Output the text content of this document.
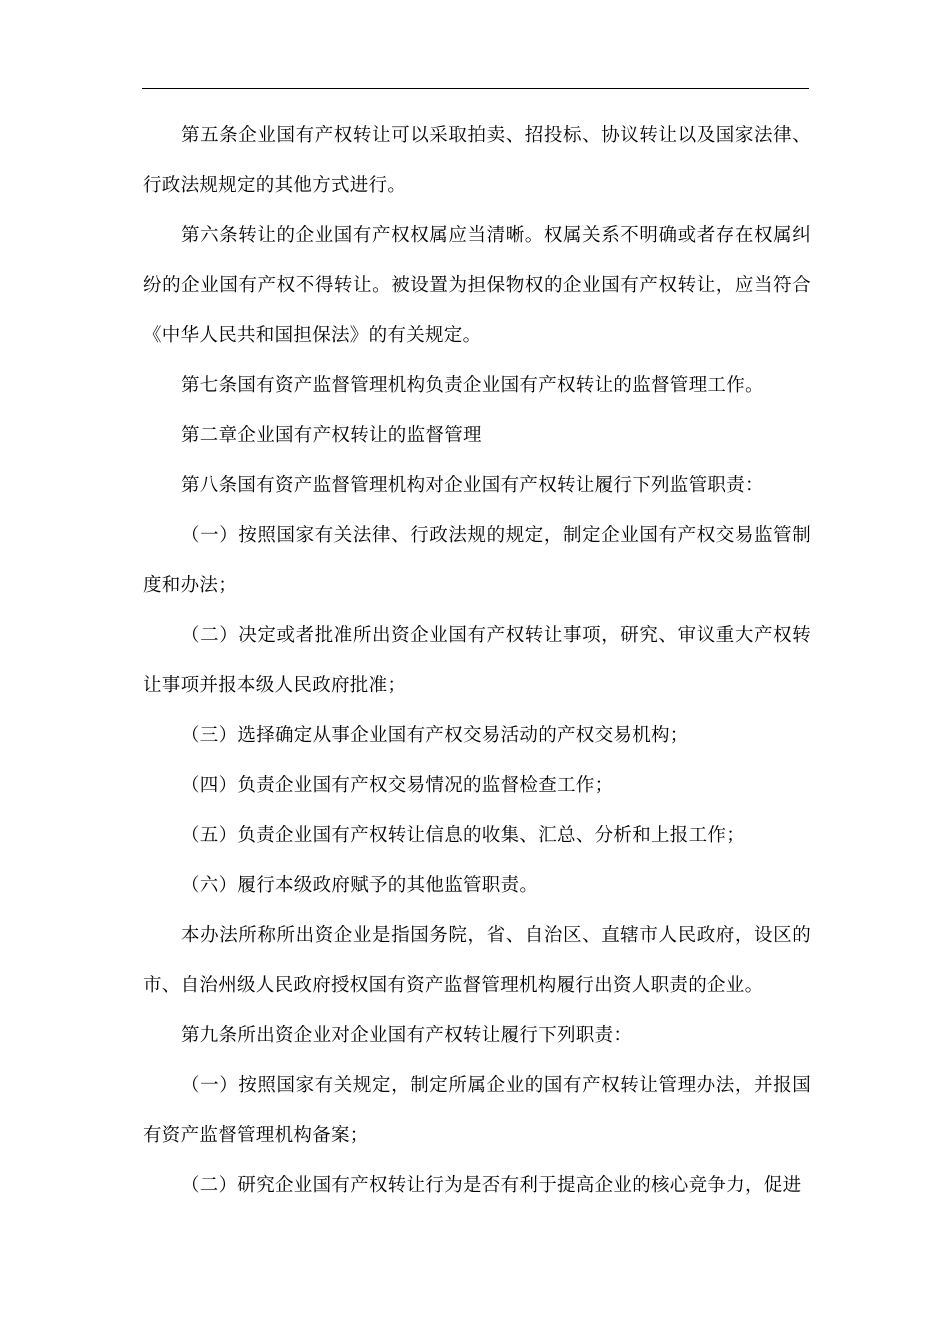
第五条企业国有产权转让可以采取拍卖、招投标、协议转让以及国家法律、行政法规规定的其他方式进行。

第六条转让的企业国有产权权属应当清晰。权属关系不明确或者存在权属纠纷的企业国有产权不得转让。被设置为担保物权的企业国有产权转让，应当符合《中华人民共和国担保法》的有关规定。

第七条国有资产监督管理机构负责企业国有产权转让的监督管理工作。

第二章企业国有产权转让的监督管理

第八条国有资产监督管理机构对企业国有产权转让履行下列监管职责：

（一）按照国家有关法律、行政法规的规定，制定企业国有产权交易监管制度和办法；

（二）决定或者批准所出资企业国有产权转让事项，研究、审议重大产权转让事项并报本级人民政府批准；

（三）选择确定从事企业国有产权交易活动的产权交易机构；

（四）负责企业国有产权交易情况的监督检查工作；

（五）负责企业国有产权转让信息的收集、汇总、分析和上报工作；

（六）履行本级政府赋予的其他监管职责。

本办法所称所出资企业是指国务院，省、自治区、直辖市人民政府，设区的市、自治州级人民政府授权国有资产监督管理机构履行出资人职责的企业。

第九条所出资企业对企业国有产权转让履行下列职责：

（一）按照国家有关规定，制定所属企业的国有产权转让管理办法，并报国有资产监督管理机构备案；

（二）研究企业国有产权转让行为是否有利于提高企业的核心竞争力，促进
